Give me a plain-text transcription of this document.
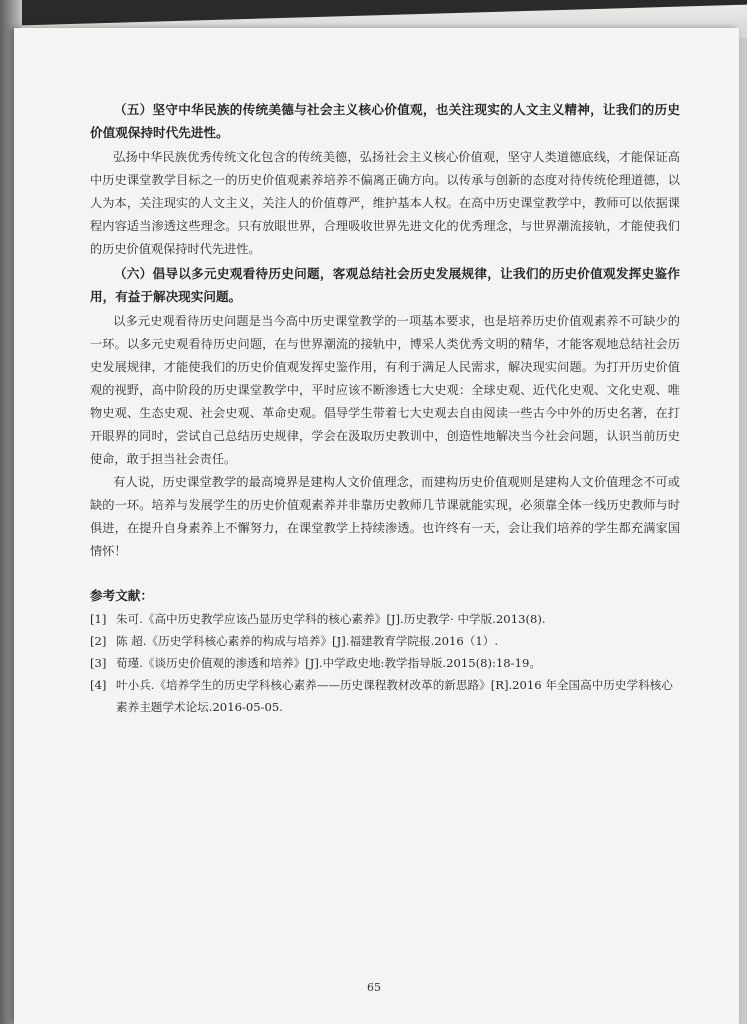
（五）坚守中华民族的传统美德与社会主义核心价值观，也关注现实的人文主义精神，让我们的历史价值观保持时代先进性。

弘扬中华民族优秀传统文化包含的传统美德，弘扬社会主义核心价值观，坚守人类道德底线，才能保证高中历史课堂教学目标之一的历史价值观素养培养不偏离正确方向。以传承与创新的态度对待传统伦理道德，以人为本，关注现实的人文主义，关注人的价值尊严，维护基本人权。在高中历史课堂教学中，教师可以依据课程内容适当渗透这些理念。只有放眼世界，合理吸收世界先进文化的优秀理念，与世界潮流接轨，才能使我们的历史价值观保持时代先进性。

（六）倡导以多元史观看待历史问题，客观总结社会历史发展规律，让我们的历史价值观发挥史鉴作用，有益于解决现实问题。

以多元史观看待历史问题是当今高中历史课堂教学的一项基本要求，也是培养历史价值观素养不可缺少的一环。以多元史观看待历史问题，在与世界潮流的接轨中，博采人类优秀文明的精华，才能客观地总结社会历史发展规律，才能使我们的历史价值观发挥史鉴作用，有利于满足人民需求，解决现实问题。为打开历史价值观的视野，高中阶段的历史课堂教学中，平时应该不断渗透七大史观：全球史观、近代化史观、文化史观、唯物史观、生态史观、社会史观、革命史观。倡导学生带着七大史观去自由阅读一些古今中外的历史名著，在打开眼界的同时，尝试自己总结历史规律，学会在汲取历史教训中，创造性地解决当今社会问题，认识当前历史使命，敢于担当社会责任。

有人说，历史课堂教学的最高境界是建构人文价值理念，而建构历史价值观则是建构人文价值理念不可或缺的一环。培养与发展学生的历史价值观素养并非靠历史教师几节课就能实现，必须靠全体一线历史教师与时俱进，在提升自身素养上不懈努力，在课堂教学上持续渗透。也许终有一天，会让我们培养的学生都充满家国情怀！

参考文献：

[1] 朱可.《高中历史教学应该凸显历史学科的核心素养》[J].历史教学· 中学版.2013(8).

[2] 陈 超.《历史学科核心素养的构成与培养》[J].福建教育学院报.2016（1）.

[3] 荀瑾.《谈历史价值观的渗透和培养》[J].中学政史地:教学指导版.2015(8):18-19。

[4] 叶小兵.《培养学生的历史学科核心素养——历史课程教材改革的新思路》[R].2016 年全国高中历史学科核心素养主题学术论坛.2016-05-05.

65
